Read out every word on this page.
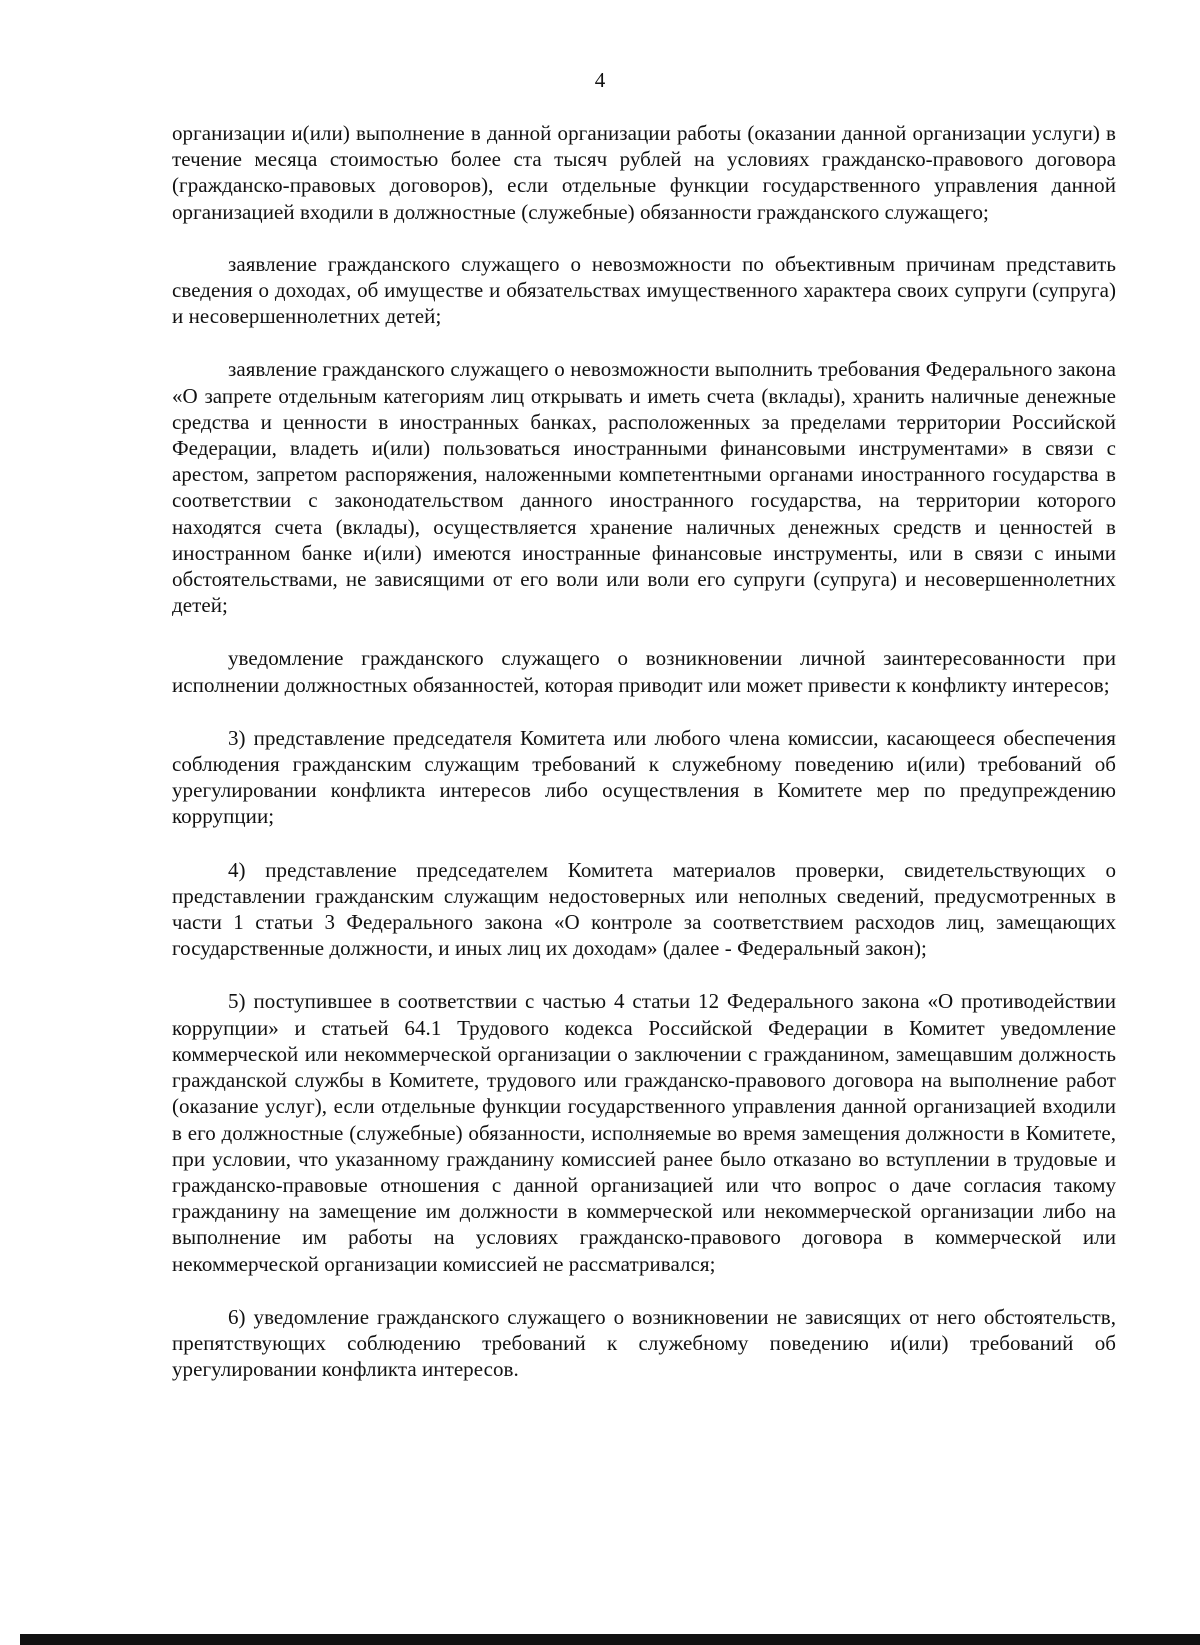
4

организации и(или) выполнение в данной организации работы (оказании данной организации услуги) в течение месяца стоимостью более ста тысяч рублей на условиях гражданско-правового договора (гражданско-правовых договоров), если отдельные функции государственного управления данной организацией входили в должностные (служебные) обязанности гражданского служащего;

заявление гражданского служащего о невозможности по объективным причинам представить сведения о доходах, об имуществе и обязательствах имущественного характера своих супруги (супруга) и несовершеннолетних детей;

заявление гражданского служащего о невозможности выполнить требования Федерального закона «О запрете отдельным категориям лиц открывать и иметь счета (вклады), хранить наличные денежные средства и ценности в иностранных банках, расположенных за пределами территории Российской Федерации, владеть и(или) пользоваться иностранными финансовыми инструментами» в связи с арестом, запретом распоряжения, наложенными компетентными органами иностранного государства в соответствии с законодательством данного иностранного государства, на территории которого находятся счета (вклады), осуществляется хранение наличных денежных средств и ценностей в иностранном банке и(или) имеются иностранные финансовые инструменты, или в связи с иными обстоятельствами, не зависящими от его воли или воли его супруги (супруга) и несовершеннолетних детей;

уведомление гражданского служащего о возникновении личной заинтересованности при исполнении должностных обязанностей, которая приводит или может привести к конфликту интересов;

3) представление председателя Комитета или любого члена комиссии, касающееся обеспечения соблюдения гражданским служащим требований к служебному поведению и(или) требований об урегулировании конфликта интересов либо осуществления в Комитете мер по предупреждению коррупции;

4) представление председателем Комитета материалов проверки, свидетельствующих о представлении гражданским служащим недостоверных или неполных сведений, предусмотренных в части 1 статьи 3 Федерального закона «О контроле за соответствием расходов лиц, замещающих государственные должности, и иных лиц их доходам» (далее - Федеральный закон);

5) поступившее в соответствии с частью 4 статьи 12 Федерального закона «О противодействии коррупции» и статьей 64.1 Трудового кодекса Российской Федерации в Комитет уведомление коммерческой или некоммерческой организации о заключении с гражданином, замещавшим должность гражданской службы в Комитете, трудового или гражданско-правового договора на выполнение работ (оказание услуг), если отдельные функции государственного управления данной организацией входили в его должностные (служебные) обязанности, исполняемые во время замещения должности в Комитете, при условии, что указанному гражданину комиссией ранее было отказано во вступлении в трудовые и гражданско-правовые отношения с данной организацией или что вопрос о даче согласия такому гражданину на замещение им должности в коммерческой или некоммерческой организации либо на выполнение им работы на условиях гражданско-правового договора в коммерческой или некоммерческой организации комиссией не рассматривался;

6) уведомление гражданского служащего о возникновении не зависящих от него обстоятельств, препятствующих соблюдению требований к служебному поведению и(или) требований об урегулировании конфликта интересов.
